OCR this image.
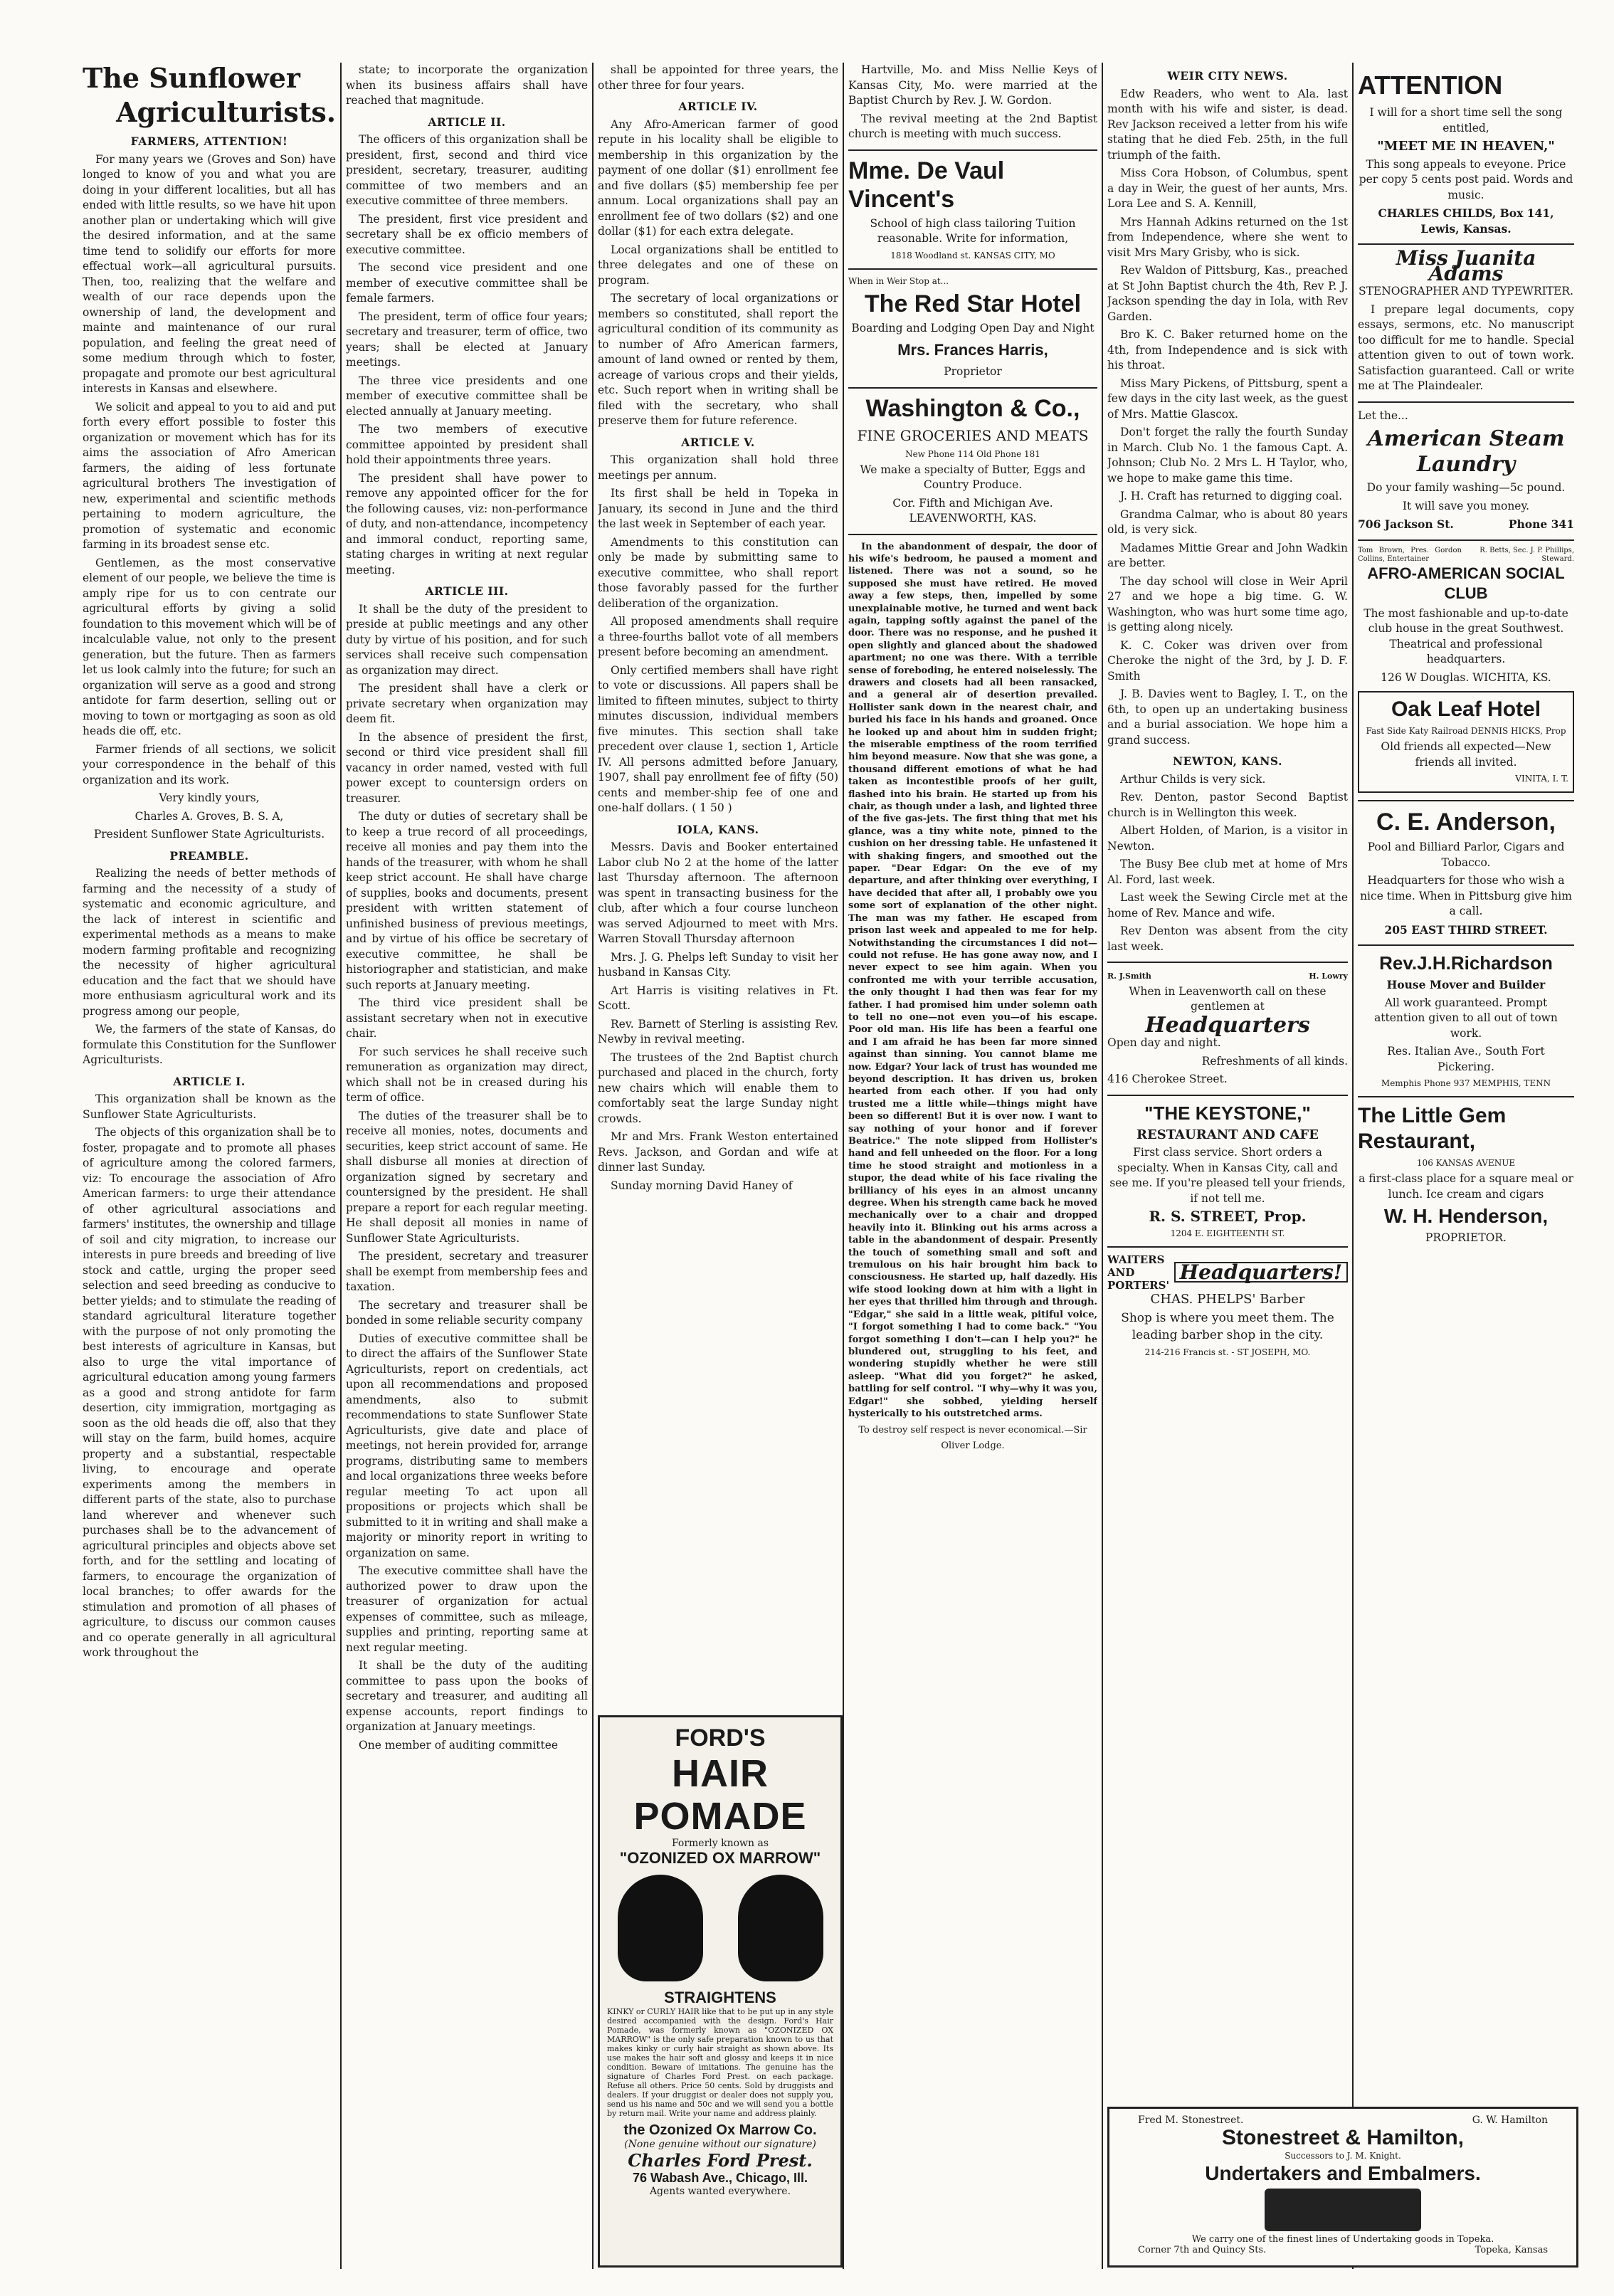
The Sunflower

Agriculturists.

FARMERS, ATTENTION!

For many years we (Groves and Son) have longed to know of you and what you are doing in your different localities, but all has ended with little results, so we have hit upon another plan or undertaking which will give the desired information, and at the same time tend to solidify our efforts for more effectual work—all agricultural pursuits. Then, too, realizing that the welfare and wealth of our race depends upon the ownership of land, the development and mainte and maintenance of our rural population, and feeling the great need of some medium through which to foster, propagate and promote our best agricultural interests in Kansas and elsewhere.

We solicit and appeal to you to aid and put forth every effort possible to foster this organization or movement which has for its aims the association of Afro American farmers, the aiding of less fortunate agricultural brothers The investigation of new, experimental and scientific methods pertaining to modern agriculture, the promotion of systematic and economic farming in its broadest sense etc.

Gentlemen, as the most conservative element of our people, we believe the time is amply ripe for us to con centrate our agricultural efforts by giving a solid foundation to this movement which will be of incalculable value, not only to the present generation, but the future. Then as farmers let us look calmly into the future; for such an organization will serve as a good and strong antidote for farm desertion, selling out or moving to town or mortgaging as soon as old heads die off, etc.

Farmer friends of all sections, we solicit your correspondence in the behalf of this organization and its work.

Very kindly yours,

Charles A. Groves, B. S. A,

President Sunflower State Agriculturists.

PREAMBLE.

Realizing the needs of better methods of farming and the necessity of a study of systematic and economic agriculture, and the lack of interest in scientific and experimental methods as a means to make modern farming profitable and recognizing the necessity of higher agricultural education and the fact that we should have more enthusiasm agricultural work and its progress among our people,

We, the farmers of the state of Kansas, do formulate this Constitution for the Sunflower Agriculturists.

ARTICLE I.

This organization shall be known as the Sunflower State Agriculturists.

The objects of this organization shall be to foster, propagate and to promote all phases of agriculture among the colored farmers, viz: To encourage the association of Afro American farmers: to urge their attendance of other agricultural associations and farmers' institutes, the ownership and tillage of soil and city migration, to increase our interests in pure breeds and breeding of live stock and cattle, urging the proper seed selection and seed breeding as conducive to better yields; and to stimulate the reading of standard agricultural literature together with the purpose of not only promoting the best interests of agriculture in Kansas, but also to urge the vital importance of agricultural education among young farmers as a good and strong antidote for farm desertion, city immigration, mortgaging as soon as the old heads die off, also that they will stay on the farm, build homes, acquire property and a substantial, respectable living, to encourage and operate experiments among the members in different parts of the state, also to purchase land wherever and whenever such purchases shall be to the advancement of agricultural principles and objects above set forth, and for the settling and locating of farmers, to encourage the organization of local branches; to offer awards for the stimulation and promotion of all phases of agriculture, to discuss our common causes and co operate generally in all agricultural work throughout the

state; to incorporate the organization when its business affairs shall have reached that magnitude.

ARTICLE II.

The officers of this organization shall be president, first, second and third vice president, secretary, treasurer, auditing committee of two members and an executive committee of three members.

The president, first vice president and secretary shall be ex officio members of executive committee.

The second vice president and one member of executive committee shall be female farmers.

The president, term of office four years; secretary and treasurer, term of office, two years; shall be elected at January meetings.

The three vice presidents and one member of executive committee shall be elected annually at January meeting.

The two members of executive committee appointed by president shall hold their appointments three years.

The president shall have power to remove any appointed officer for the for the following causes, viz: non-performance of duty, and non-attendance, incompetency and immoral conduct, reporting same, stating charges in writing at next regular meeting.

ARTICLE III.

It shall be the duty of the president to preside at public meetings and any other duty by virtue of his position, and for such services shall receive such compensation as organization may direct.

The president shall have a clerk or private secretary when organization may deem fit.

In the absence of president the first, second or third vice president shall fill vacancy in order named, vested with full power except to countersign orders on treasurer.

The duty or duties of secretary shall be to keep a true record of all proceedings, receive all monies and pay them into the hands of the treasurer, with whom he shall keep strict account. He shall have charge of supplies, books and documents, present president with written statement of unfinished business of previous meetings, and by virtue of his office be secretary of executive committee, he shall be historiographer and statistician, and make such reports at January meeting.

The third vice president shall be assistant secretary when not in executive chair.

For such services he shall receive such remuneration as organization may direct, which shall not be in creased during his term of office.

The duties of the treasurer shall be to receive all monies, notes, documents and securities, keep strict account of same. He shall disburse all monies at direction of organization signed by secretary and countersigned by the president. He shall prepare a report for each regular meeting. He shall deposit all monies in name of Sunflower State Agriculturists.

The president, secretary and treasurer shall be exempt from membership fees and taxation.

The secretary and treasurer shall be bonded in some reliable security company

Duties of executive committee shall be to direct the affairs of the Sunflower State Agriculturists, report on credentials, act upon all recommendations and proposed amendments, also to submit recommendations to state Sunflower State Agriculturists, give date and place of meetings, not herein provided for, arrange programs, distributing same to members and local organizations three weeks before regular meeting To act upon all propositions or projects which shall be submitted to it in writing and shall make a majority or minority report in writing to organization on same.

The executive committee shall have the authorized power to draw upon the treasurer of organization for actual expenses of committee, such as mileage, supplies and printing, reporting same at next regular meeting.

It shall be the duty of the auditing committee to pass upon the books of secretary and treasurer, and auditing all expense accounts, report findings to organization at January meetings.

One member of auditing committee

shall be appointed for three years, the other three for four years.

ARTICLE IV.

Any Afro-American farmer of good repute in his locality shall be eligible to membership in this organization by the payment of one dollar ($1) enrollment fee and five dollars ($5) membership fee per annum. Local organizations shall pay an enrollment fee of two dollars ($2) and one dollar ($1) for each extra delegate.

Local organizations shall be entitled to three delegates and one of these on program.

The secretary of local organizations or members so constituted, shall report the agricultural condition of its community as to number of Afro American farmers, amount of land owned or rented by them, acreage of various crops and their yields, etc. Such report when in writing shall be filed with the secretary, who shall preserve them for future reference.

ARTICLE V.

This organization shall hold three meetings per annum.

Its first shall be held in Topeka in January, its second in June and the third the last week in September of each year.

Amendments to this constitution can only be made by submitting same to executive committee, who shall report those favorably passed for the further deliberation of the organization.

All proposed amendments shall require a three-fourths ballot vote of all members present before becoming an amendment.

Only certified members shall have right to vote or discussions. All papers shall be limited to fifteen minutes, subject to thirty minutes discussion, individual members five minutes. This section shall take precedent over clause 1, section 1, Article IV. All persons admitted before January, 1907, shall pay enrollment fee of fifty (50) cents and member-ship fee of one and one-half dollars. ( 1 50 )

IOLA, KANS.

Messrs. Davis and Booker entertained Labor club No 2 at the home of the latter last Thursday afternoon. The afternoon was spent in transacting business for the club, after which a four course luncheon was served Adjourned to meet with Mrs. Warren Stovall Thursday afternoon

Mrs. J. G. Phelps left Sunday to visit her husband in Kansas City.

Art Harris is visiting relatives in Ft. Scott.

Rev. Barnett of Sterling is assisting Rev. Newby in revival meeting.

The trustees of the 2nd Baptist church purchased and placed in the church, forty new chairs which will enable them to comfortably seat the large Sunday night crowds.

Mr and Mrs. Frank Weston entertained Revs. Jackson, and Gordan and wife at dinner last Sunday.

Sunday morning David Haney of

FORD'S
HAIR POMADE
Formerly known as
"OZONIZED OX MARROW"
STRAIGHTENS
KINKY or CURLY HAIR like that to be put up in any style desired accompanied with the design. Ford's Hair Pomade, was formerly known as "OZONIZED OX MARROW" is the only safe preparation known to us that makes kinky or curly hair straight as shown above. Its use makes the hair soft and glossy and keeps it in nice condition. Beware of imitations. The genuine has the signature of Charles Ford Prest. on each package. Refuse all others. Price 50 cents. Sold by druggists and dealers. If your druggist or dealer does not supply you, send us his name and 50c and we will send you a bottle by return mail. Write your name and address plainly.
the Ozonized Ox Marrow Co.
(None genuine without our signature)
Charles Ford Prest.
76 Wabash Ave., Chicago, Ill.
Agents wanted everywhere.

Hartville, Mo. and Miss Nellie Keys of Kansas City, Mo. were married at the Baptist Church by Rev. J. W. Gordon.

The revival meeting at the 2nd Baptist church is meeting with much success.

Mme. De Vaul Vincent's

School of high class tailoring Tuition reasonable. Write for information,

1818 Woodland st. KANSAS CITY, MO

When in Weir Stop at...

The Red Star Hotel

Boarding and Lodging Open Day and Night

Mrs. Frances Harris,

Proprietor

Washington & Co.,

FINE GROCERIES AND MEATS

New Phone 114 Old Phone 181

We make a specialty of Butter, Eggs and Country Produce.

Cor. Fifth and Michigan Ave. LEAVENWORTH, KAS.

In the abandonment of despair, the door of his wife's bedroom, he paused a moment and listened. There was not a sound, so he supposed she must have retired. He moved away a few steps, then, impelled by some unexplainable motive, he turned and went back again, tapping softly against the panel of the door. There was no response, and he pushed it open slightly and glanced about the shadowed apartment; no one was there. With a terrible sense of foreboding, he entered noiselessly. The drawers and closets had all been ransacked, and a general air of desertion prevailed. Hollister sank down in the nearest chair, and buried his face in his hands and groaned. Once he looked up and about him in sudden fright; the miserable emptiness of the room terrified him beyond measure. Now that she was gone, a thousand different emotions of what he had taken as incontestible proofs of her guilt, flashed into his brain. He started up from his chair, as though under a lash, and lighted three of the five gas-jets. The first thing that met his glance, was a tiny white note, pinned to the cushion on her dressing table. He unfastened it with shaking fingers, and smoothed out the paper. "Dear Edgar: On the eve of my departure, and after thinking over everything, I have decided that after all, I probably owe you some sort of explanation of the other night. The man was my father. He escaped from prison last week and appealed to me for help. Notwithstanding the circumstances I did not—could not refuse. He has gone away now, and I never expect to see him again. When you confronted me with your terrible accusation, the only thought I had then was fear for my father. I had promised him under solemn oath to tell no one—not even you—of his escape. Poor old man. His life has been a fearful one and I am afraid he has been far more sinned against than sinning. You cannot blame me now. Edgar? Your lack of trust has wounded me beyond description. It has driven us, broken hearted from each other. If you had only trusted me a little while—things might have been so different! But it is over now. I want to say nothing of your honor and if forever Beatrice." The note slipped from Hollister's hand and fell unheeded on the floor. For a long time he stood straight and motionless in a stupor, the dead white of his face rivaling the brilliancy of his eyes in an almost uncanny degree. When his strength came back he moved mechanically over to a chair and dropped heavily into it. Blinking out his arms across a table in the abandonment of despair. Presently the touch of something small and soft and tremulous on his hair brought him back to consciousness. He started up, half dazedly. His wife stood looking down at him with a light in her eyes that thrilled him through and through. "Edgar," she said in a little weak, pitiful voice, "I forgot something I had to come back." "You forgot something I don't—can I help you?" he blundered out, struggling to his feet, and wondering stupidly whether he were still asleep. "What did you forget?" he asked, battling for self control. "I why—why it was you, Edgar!" she sobbed, yielding herself hysterically to his outstretched arms.

To destroy self respect is never economical.—Sir Oliver Lodge.

WEIR CITY NEWS.

Edw Readers, who went to Ala. last month with his wife and sister, is dead. Rev Jackson received a letter from his wife stating that he died Feb. 25th, in the full triumph of the faith.

Miss Cora Hobson, of Columbus, spent a day in Weir, the guest of her aunts, Mrs. Lora Lee and S. A. Kennill,

Mrs Hannah Adkins returned on the 1st from Independence, where she went to visit Mrs Mary Grisby, who is sick.

Rev Waldon of Pittsburg, Kas., preached at St John Baptist church the 4th, Rev P. J. Jackson spending the day in Iola, with Rev Garden.

Bro K. C. Baker returned home on the 4th, from Independence and is sick with his throat.

Miss Mary Pickens, of Pittsburg, spent a few days in the city last week, as the guest of Mrs. Mattie Glascox.

Don't forget the rally the fourth Sunday in March. Club No. 1 the famous Capt. A. Johnson; Club No. 2 Mrs L. H Taylor, who, we hope to make game this time.

J. H. Craft has returned to digging coal.

Grandma Calmar, who is about 80 years old, is very sick.

Madames Mittie Grear and John Wadkin are better.

The day school will close in Weir April 27 and we hope a big time. G. W. Washington, who was hurt some time ago, is getting along nicely.

K. C. Coker was driven over from Cheroke the night of the 3rd, by J. D. F. Smith

J. B. Davies went to Bagley, I. T., on the 6th, to open up an undertaking business and a burial association. We hope him a grand success.

NEWTON, KANS.

Arthur Childs is very sick.

Rev. Denton, pastor Second Baptist church is in Wellington this week.

Albert Holden, of Marion, is a visitor in Newton.

The Busy Bee club met at home of Mrs Al. Ford, last week.

Last week the Sewing Circle met at the home of Rev. Mance and wife.

Rev Denton was absent from the city last week.

R. J.Smith	H. Lowry

When in Leavenworth call on these gentlemen at

Headquarters

Open day and night.

Refreshments of all kinds.

416 Cherokee Street.

"THE KEYSTONE,"

RESTAURANT AND CAFE

First class service. Short orders a specialty. When in Kansas City, call and see me. If you're pleased tell your friends, if not tell me.

R. S. STREET, Prop.

1204 E. EIGHTEENTH ST.

WAITERS AND PORTERS'
Headquarters!

CHAS. PHELPS' Barber

Shop is where you meet them. The leading barber shop in the city.

214-216 Francis st. - ST JOSEPH, MO.

ATTENTION

I will for a short time sell the song entitled,

"MEET ME IN HEAVEN,"

This song appeals to eveyone. Price per copy 5 cents post paid. Words and music.

CHARLES CHILDS, Box 141, Lewis, Kansas.

Miss Juanita Adams

STENOGRAPHER AND TYPEWRITER.

I prepare legal documents, copy essays, sermons, etc. No manuscript too difficult for me to handle. Special attention given to out of town work. Satisfaction guaranteed. Call or write me at The Plaindealer.

Let the...

American Steam Laundry

Do your family washing—5c pound.

It will save you money.

706 Jackson St.	Phone 341
Tom Brown, Pres. Gordon Collins, Entertainer
R. Betts, Sec. J. P. Phillips, Steward.

AFRO-AMERICAN SOCIAL CLUB

The most fashionable and up-to-date club house in the great Southwest. Theatrical and professional headquarters.

126 W Douglas. WICHITA, KS.

Oak Leaf Hotel

Fast Side Katy Railroad DENNIS HICKS, Prop

Old friends all expected—New friends all invited.

VINITA, I. T.

C. E. Anderson,

Pool and Billiard Parlor, Cigars and Tobacco.

Headquarters for those who wish a nice time. When in Pittsburg give him a call.

205 EAST THIRD STREET.

Rev.J.H.Richardson

House Mover and Builder

All work guaranteed. Prompt attention given to all out of town work.

Res. Italian Ave., South Fort Pickering.

Memphis Phone 937 MEMPHIS, TENN

The Little Gem Restaurant,

106 KANSAS AVENUE

a first-class place for a square meal or lunch. Ice cream and cigars

W. H. Henderson,

PROPRIETOR.

Fred M. Stonestreet.	G. W. Hamilton
Stonestreet & Hamilton,
Successors to J. M. Knight.
Undertakers and Embalmers.
We carry one of the finest lines of Undertaking goods in Topeka.
Corner 7th and Quincy Sts.	Topeka, Kansas
